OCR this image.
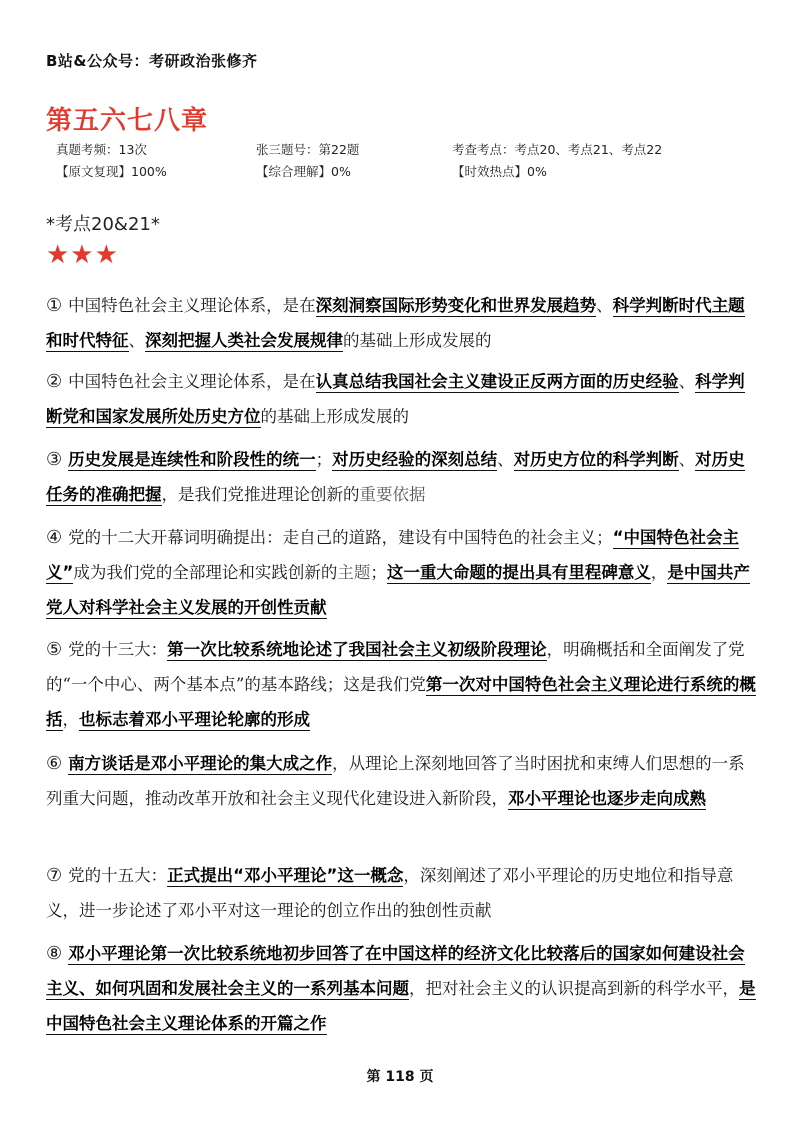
B站&公众号：考研政治张修齐
第五六七八章
真题考频：13次	张三题号：第22题	考查考点：考点20、考点21、考点22
【原文复现】100%	【综合理解】0%	【时效热点】0%
*考点20&21*
★★★
① 中国特色社会主义理论体系，是在深刻洞察国际形势变化和世界发展趋势、科学判断时代主题和时代特征、深刻把握人类社会发展规律的基础上形成发展的
② 中国特色社会主义理论体系，是在认真总结我国社会主义建设正反两方面的历史经验、科学判断党和国家发展所处历史方位的基础上形成发展的
③ 历史发展是连续性和阶段性的统一；对历史经验的深刻总结、对历史方位的科学判断、对历史任务的准确把握，是我们党推进理论创新的重要依据
④ 党的十二大开幕词明确提出：走自己的道路，建设有中国特色的社会主义；“中国特色社会主义”成为我们党的全部理论和实践创新的主题；这一重大命题的提出具有里程碑意义，是中国共产党人对科学社会主义发展的开创性贡献
⑤ 党的十三大：第一次比较系统地论述了我国社会主义初级阶段理论，明确概括和全面阐发了党的“一个中心、两个基本点”的基本路线；这是我们党第一次对中国特色社会主义理论进行系统的概括，也标志着邓小平理论轮廓的形成
⑥ 南方谈话是邓小平理论的集大成之作，从理论上深刻地回答了当时困扰和束缚人们思想的一系列重大问题，推动改革开放和社会主义现代化建设进入新阶段，邓小平理论也逐步走向成熟
⑦ 党的十五大：正式提出“邓小平理论”这一概念，深刻阐述了邓小平理论的历史地位和指导意义，进一步论述了邓小平对这一理论的创立作出的独创性贡献
⑧ 邓小平理论第一次比较系统地初步回答了在中国这样的经济文化比较落后的国家如何建设社会主义、如何巩固和发展社会主义的一系列基本问题，把对社会主义的认识提高到新的科学水平，是中国特色社会主义理论体系的开篇之作
第 118 页
